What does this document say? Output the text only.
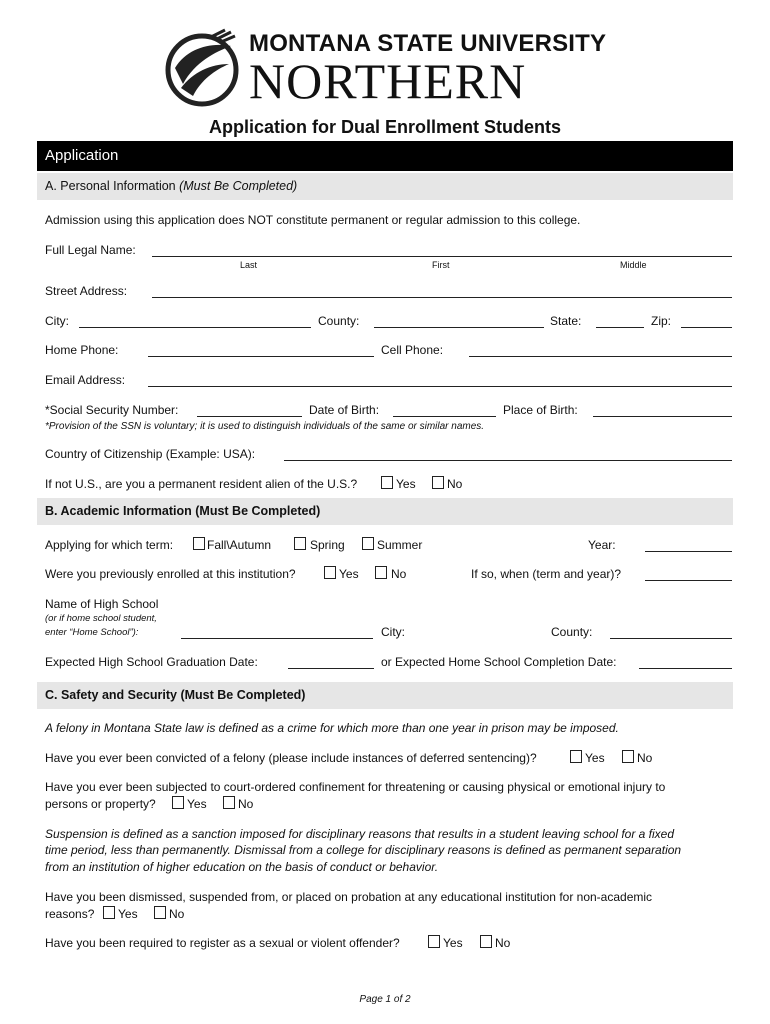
MONTANA STATE UNIVERSITY
NORTHERN
Application for Dual Enrollment Students
Application
A. Personal Information (Must Be Completed)
Admission using this application does NOT constitute permanent or regular admission to this college.
Full Legal Name:
Last	First	Middle
Street Address:
City:	County:	State:	Zip:
Home Phone:	Cell Phone:
Email Address:
*Social Security Number:	Date of Birth:	Place of Birth:
*Provision of the SSN is voluntary; it is used to distinguish individuals of the same or similar names.
Country of Citizenship (Example: USA):
If not U.S., are you a permanent resident alien of the U.S.?	Yes	No
B. Academic Information (Must Be Completed)
Applying for which term:	Fall\Autumn	Spring	Summer	Year:
Were you previously enrolled at this institution?	Yes	No	If so, when (term and year)?
Name of High School
(or if home school student,
enter “Home School”):	City:	County:
Expected High School Graduation Date:	or Expected Home School Completion Date:
C. Safety and Security (Must Be Completed)
A felony in Montana State law is defined as a crime for which more than one year in prison may be imposed.
Have you ever been convicted of a felony (please include instances of deferred sentencing)?	Yes	No
Have you ever been subjected to court-ordered confinement for threatening or causing physical or emotional injury to
persons or property?	Yes	No
Suspension is defined as a sanction imposed for disciplinary reasons that results in a student leaving school for a fixed
time period, less than permanently. Dismissal from a college for disciplinary reasons is defined as permanent separation
from an institution of higher education on the basis of conduct or behavior.
Have you been dismissed, suspended from, or placed on probation at any educational institution for non-academic
reasons? Yes	No
Have you been required to register as a sexual or violent offender?	Yes	No
Page 1 of 2
